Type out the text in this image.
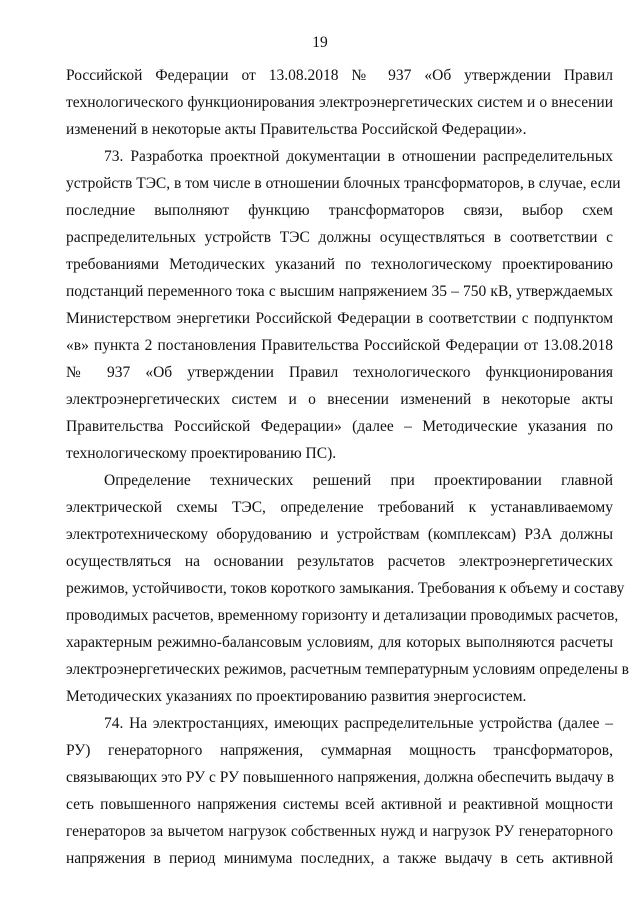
19
Российской Федерации от 13.08.2018 № 937 «Об утверждении Правил
технологического функционирования электроэнергетических систем и о внесении
изменений в некоторые акты Правительства Российской Федерации».
73. Разработка проектной документации в отношении распределительных
устройств ТЭС, в том числе в отношении блочных трансформаторов, в случае, если
последние выполняют функцию трансформаторов связи, выбор схем
распределительных устройств ТЭС должны осуществляться в соответствии с
требованиями Методических указаний по технологическому проектированию
подстанций переменного тока с высшим напряжением 35 – 750 кВ, утверждаемых
Министерством энергетики Российской Федерации в соответствии с подпунктом
«в» пункта 2 постановления Правительства Российской Федерации от 13.08.2018
№ 937 «Об утверждении Правил технологического функционирования
электроэнергетических систем и о внесении изменений в некоторые акты
Правительства Российской Федерации» (далее – Методические указания по
технологическому проектированию ПС).
Определение технических решений при проектировании главной
электрической схемы ТЭС, определение требований к устанавливаемому
электротехническому оборудованию и устройствам (комплексам) РЗА должны
осуществляться на основании результатов расчетов электроэнергетических
режимов, устойчивости, токов короткого замыкания. Требования к объему и составу
проводимых расчетов, временному горизонту и детализации проводимых расчетов,
характерным режимно-балансовым условиям, для которых выполняются расчеты
электроэнергетических режимов, расчетным температурным условиям определены в
Методических указаниях по проектированию развития энергосистем.
74. На электростанциях, имеющих распределительные устройства (далее –
РУ) генераторного напряжения, суммарная мощность трансформаторов,
связывающих это РУ с РУ повышенного напряжения, должна обеспечить выдачу в
сеть повышенного напряжения системы всей активной и реактивной мощности
генераторов за вычетом нагрузок собственных нужд и нагрузок РУ генераторного
напряжения в период минимума последних, а также выдачу в сеть активной
